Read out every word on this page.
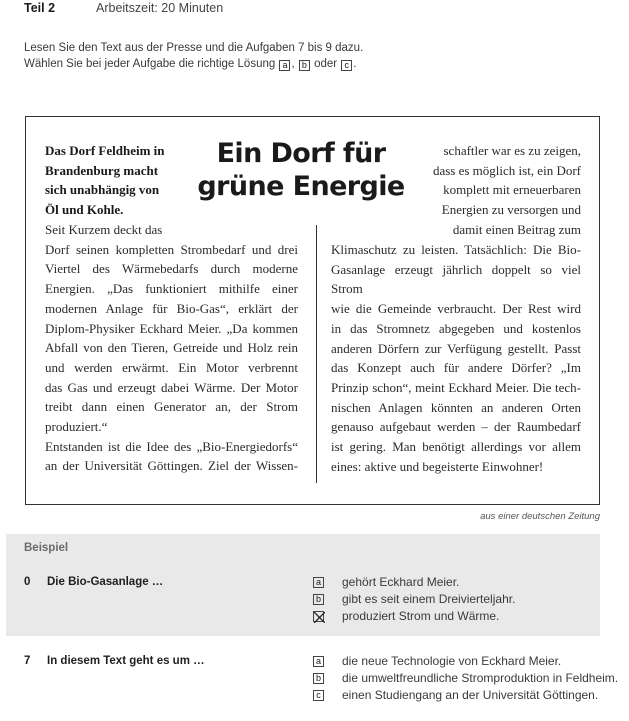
Teil 2	Arbeitszeit: 20 Minuten
Lesen Sie den Text aus der Presse und die Aufgaben 7 bis 9 dazu.
Wählen Sie bei jeder Aufgabe die richtige Lösung a , b oder c .
Das Dorf Feldheim in
Brandenburg macht
sich unabhängig von
Öl und Kohle.
Ein Dorf für
grüne Energie
Seit Kurzem deckt das
Dorf seinen kompletten Strombedarf und drei
Viertel des Wärmebedarfs durch moderne
Energien. „Das funktioniert mithilfe einer
modernen Anlage für Bio-Gas“, erklärt der
Diplom-Physiker Eckhard Meier. „Da kommen
Abfall von den Tieren, Getreide und Holz rein
und werden erwärmt. Ein Motor verbrennt
das Gas und erzeugt dabei Wärme. Der Motor
treibt dann einen Generator an, der Strom
produziert.“
Entstanden ist die Idee des „Bio-Energiedorfs“
an der Universität Göttingen. Ziel der Wissen-
schaftler war es zu zeigen,
dass es möglich ist, ein Dorf
komplett mit erneuerbaren
Energien zu versorgen und
damit einen Beitrag zum
Klimaschutz zu leisten. Tatsächlich: Die Bio-
Gasanlage erzeugt jährlich doppelt so viel Strom
wie die Gemeinde verbraucht. Der Rest wird
in das Stromnetz abgegeben und kostenlos
anderen Dörfern zur Verfügung gestellt. Passt
das Konzept auch für andere Dörfer? „Im
Prinzip schon“, meint Eckhard Meier. Die tech-
nischen Anlagen könnten an anderen Orten
genauso aufgebaut werden – der Raumbedarf
ist gering. Man benötigt allerdings vor allem
eines: aktive und begeisterte Einwohner!
aus einer deutschen Zeitung
Beispiel
0 Die Bio-Gasanlage …	a gehört Eckhard Meier.
b gibt es seit einem Dreivierteljahr.
produziert Strom und Wärme.
7 In diesem Text geht es um …	a die neue Technologie von Eckhard Meier.
b die umweltfreundliche Stromproduktion in Feldheim.
c einen Studiengang an der Universität Göttingen.
